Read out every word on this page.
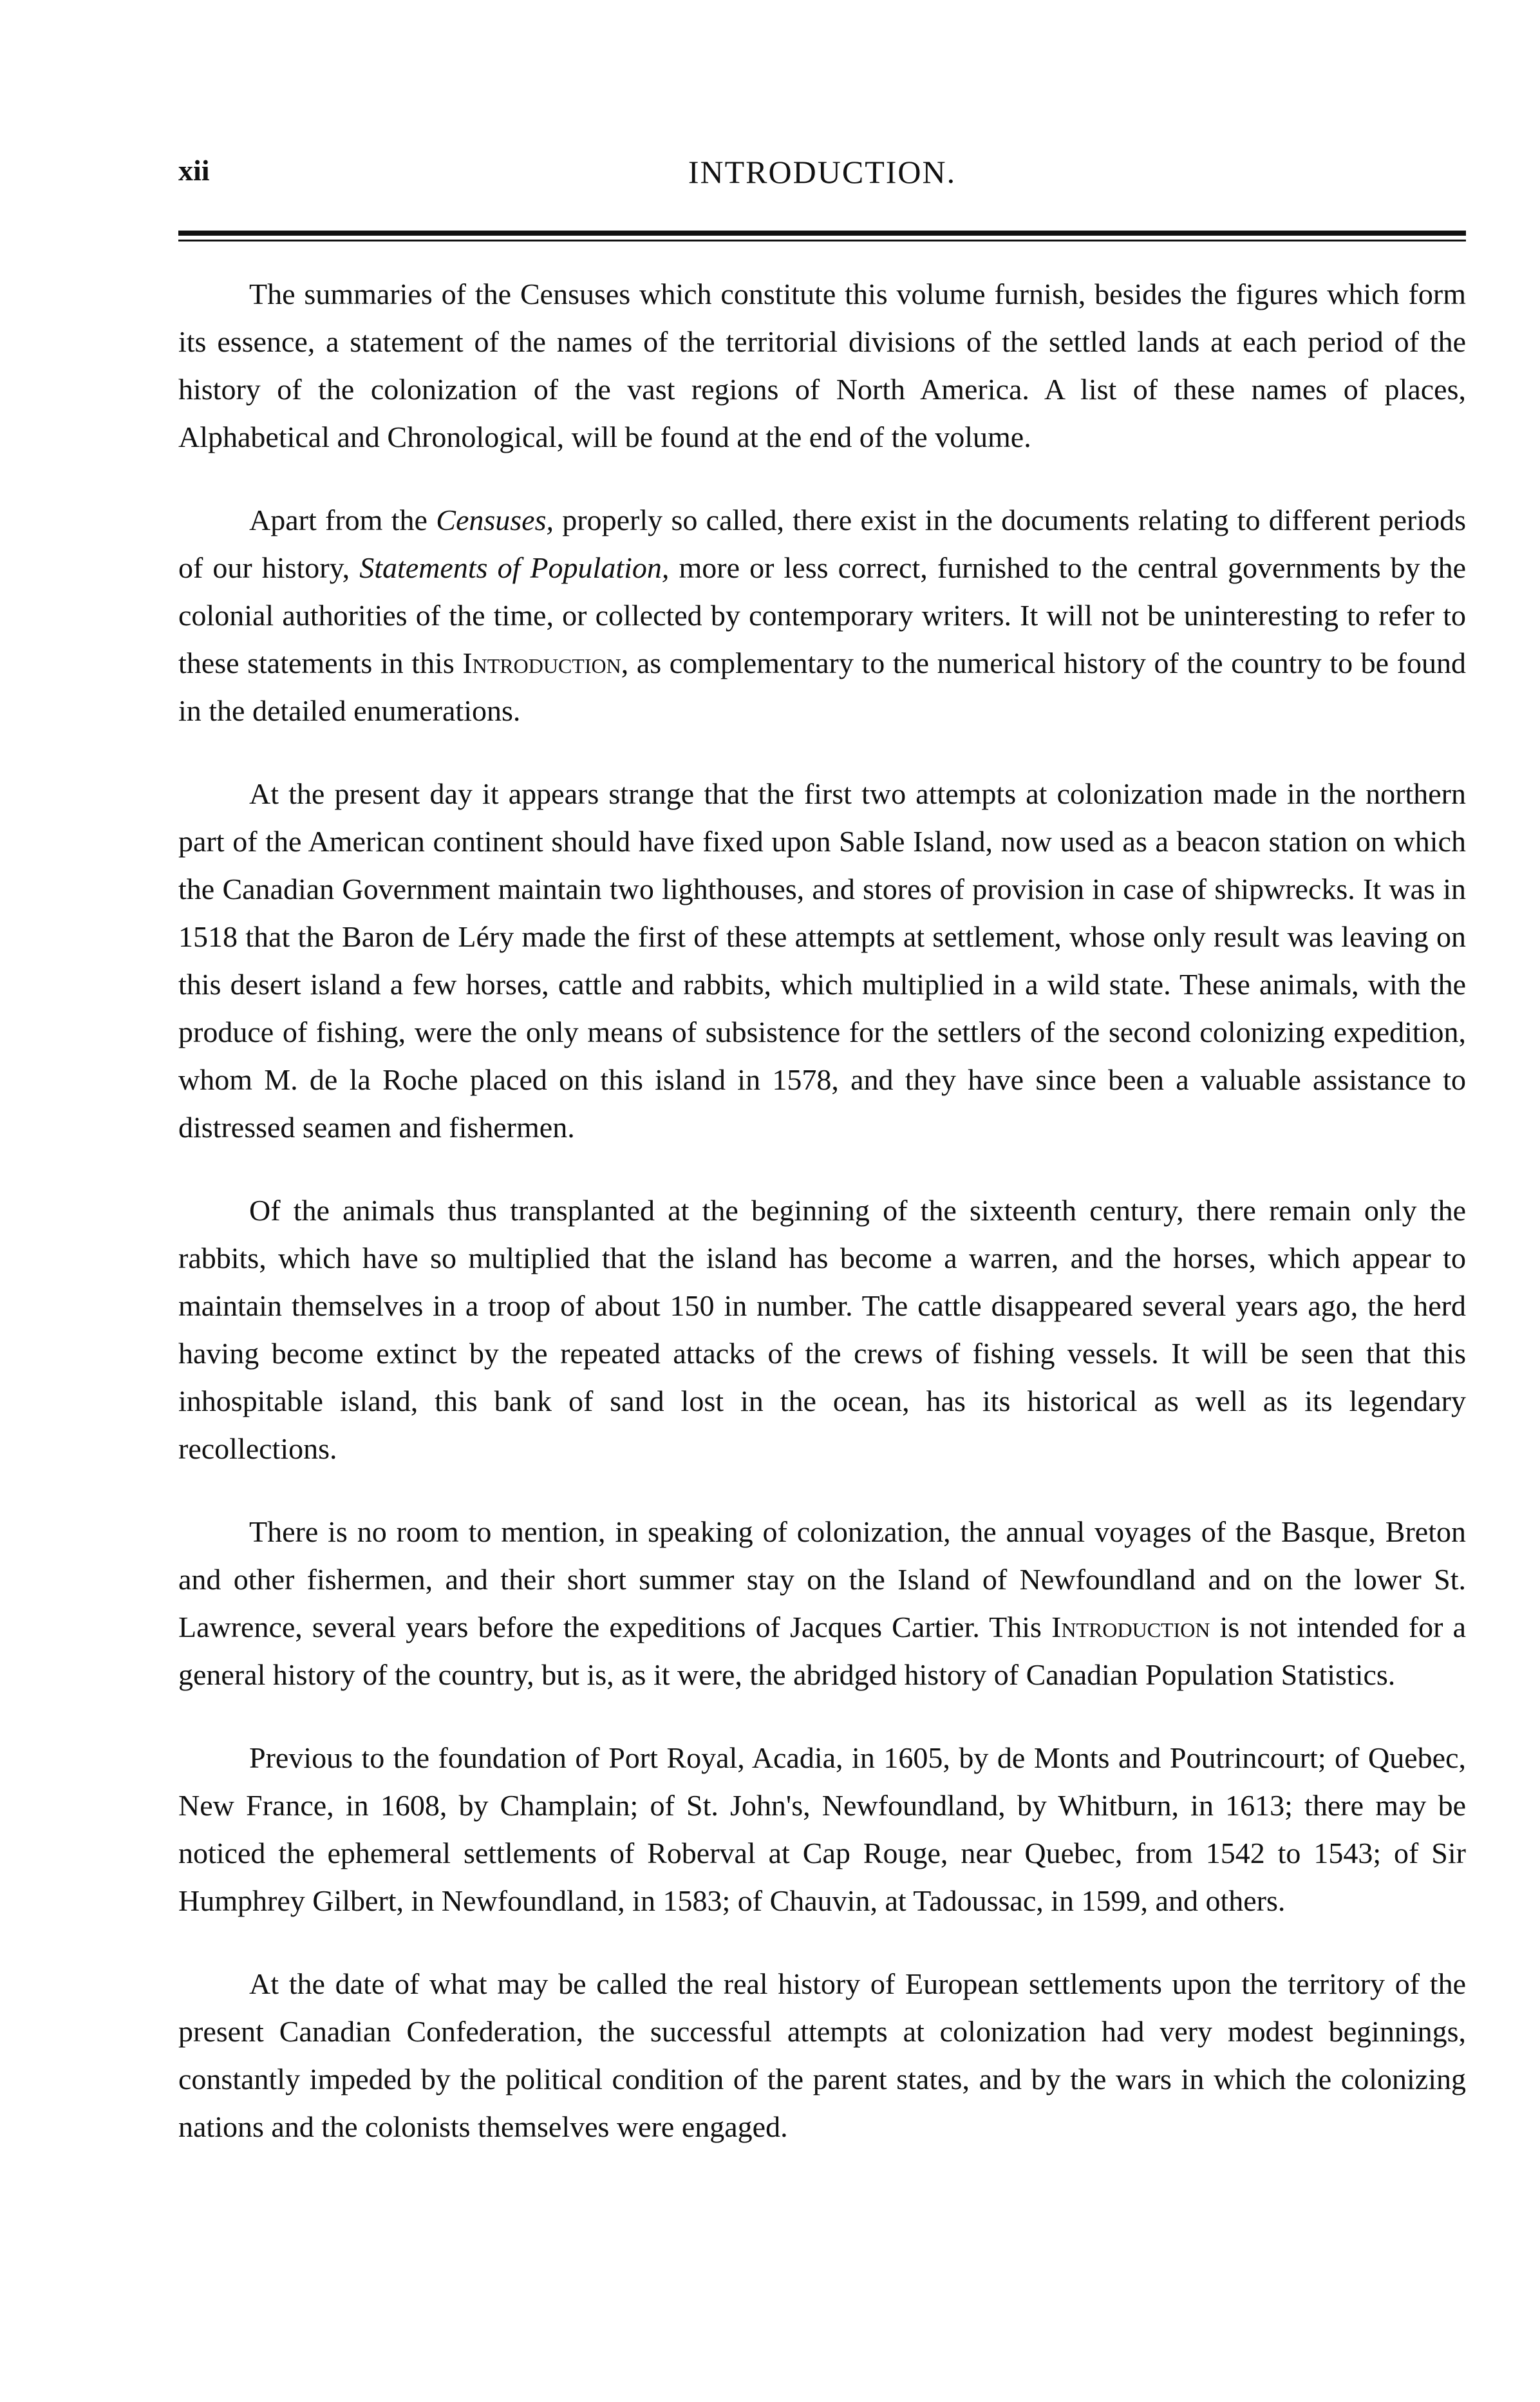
xii	INTRODUCTION.

The summaries of the Censuses which constitute this volume furnish, besides the figures which form its essence, a statement of the names of the territorial divisions of the settled lands at each period of the history of the colonization of the vast regions of North America. A list of these names of places, Alphabetical and Chronological, will be found at the end of the volume.

Apart from the Censuses, properly so called, there exist in the documents relating to different periods of our history, Statements of Population, more or less correct, furnished to the central governments by the colonial authorities of the time, or collected by contemporary writers. It will not be uninteresting to refer to these statements in this Introduction, as complementary to the numerical history of the country to be found in the detailed enumerations.

At the present day it appears strange that the first two attempts at colonization made in the northern part of the American continent should have fixed upon Sable Island, now used as a beacon station on which the Canadian Government maintain two lighthouses, and stores of provision in case of shipwrecks. It was in 1518 that the Baron de Léry made the first of these attempts at settlement, whose only result was leaving on this desert island a few horses, cattle and rabbits, which multiplied in a wild state. These animals, with the produce of fishing, were the only means of subsistence for the settlers of the second colonizing expedition, whom M. de la Roche placed on this island in 1578, and they have since been a valuable assistance to distressed seamen and fishermen.

Of the animals thus transplanted at the beginning of the sixteenth century, there remain only the rabbits, which have so multiplied that the island has become a warren, and the horses, which appear to maintain themselves in a troop of about 150 in number. The cattle disappeared several years ago, the herd having become extinct by the repeated attacks of the crews of fishing vessels. It will be seen that this inhospitable island, this bank of sand lost in the ocean, has its historical as well as its legendary recollections.

There is no room to mention, in speaking of colonization, the annual voyages of the Basque, Breton and other fishermen, and their short summer stay on the Island of Newfoundland and on the lower St. Lawrence, several years before the expeditions of Jacques Cartier. This Introduction is not intended for a general history of the country, but is, as it were, the abridged history of Canadian Population Statistics.

Previous to the foundation of Port Royal, Acadia, in 1605, by de Monts and Poutrincourt; of Quebec, New France, in 1608, by Champlain; of St. John's, Newfoundland, by Whitburn, in 1613; there may be noticed the ephemeral settlements of Roberval at Cap Rouge, near Quebec, from 1542 to 1543; of Sir Humphrey Gilbert, in Newfoundland, in 1583; of Chauvin, at Tadoussac, in 1599, and others.

At the date of what may be called the real history of European settlements upon the territory of the present Canadian Confederation, the successful attempts at colonization had very modest beginnings, constantly impeded by the political condition of the parent states, and by the wars in which the colonizing nations and the colonists themselves were engaged.
